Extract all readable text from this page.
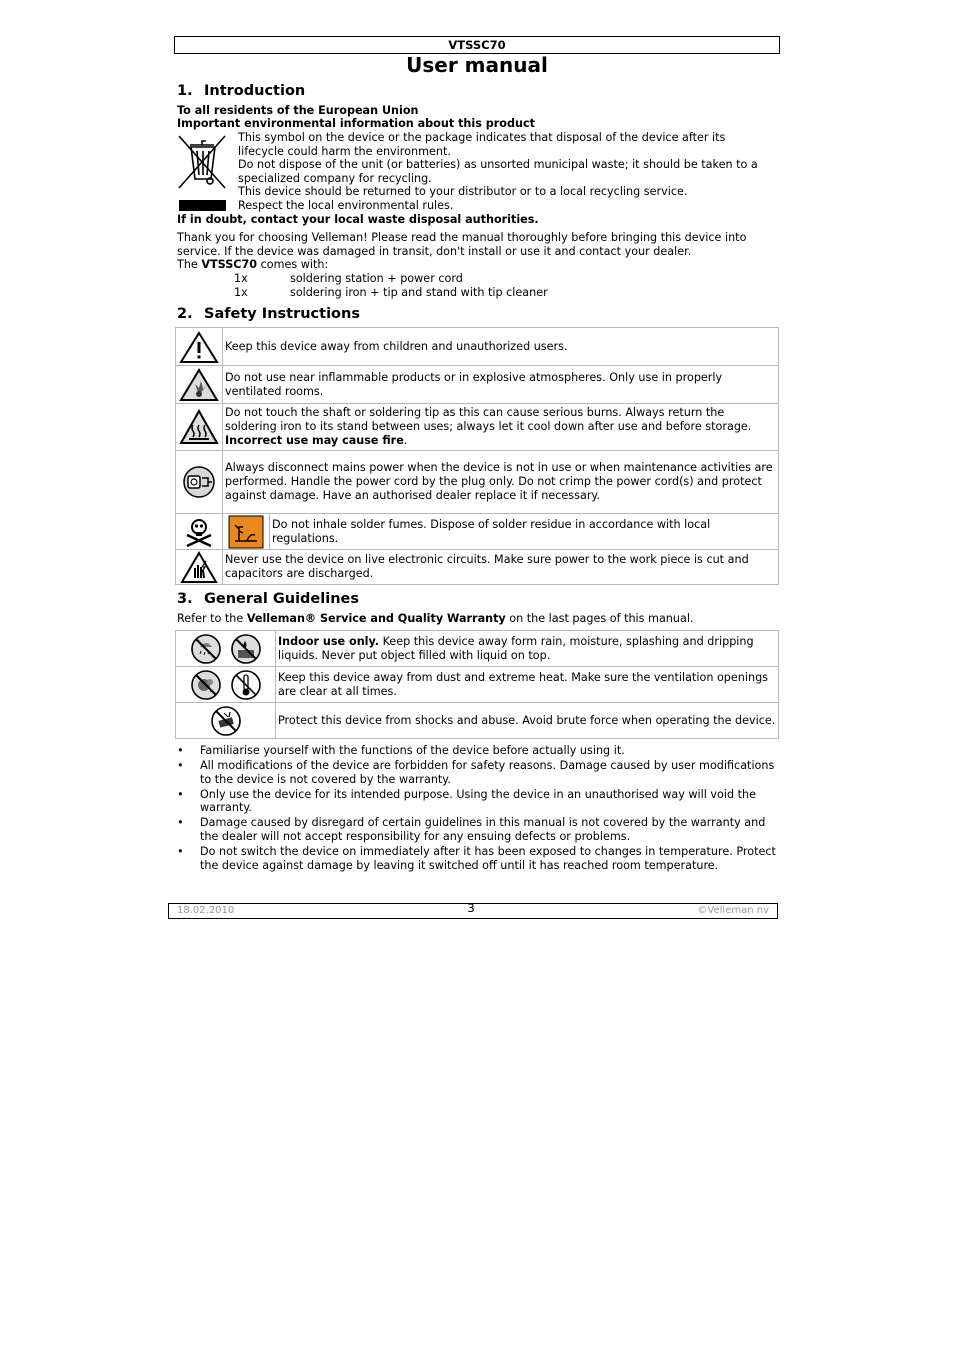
VTSSC70
User manual
1. Introduction
To all residents of the European Union
Important environmental information about this product
This symbol on the device or the package indicates that disposal of the device after its
lifecycle could harm the environment.
Do not dispose of the unit (or batteries) as unsorted municipal waste; it should be taken to a
specialized company for recycling.
This device should be returned to your distributor or to a local recycling service.
Respect the local environmental rules.
If in doubt, contact your local waste disposal authorities.
Thank you for choosing Velleman! Please read the manual thoroughly before bringing this device into
service. If the device was damaged in transit, don't install or use it and contact your dealer.
The VTSSC70 comes with:
1x	soldering station + power cord
1x	soldering iron + tip and stand with tip cleaner
2. Safety Instructions
	Keep this device away from children and unauthorized users.	

	Do not use near inflammable products or in explosive atmospheres. Only use in properly ventilated rooms.	

	Do not touch the shaft or soldering tip as this can cause serious burns. Always return the soldering iron to its stand between uses; always let it cool down after use and before storage. Incorrect use may cause fire.	

	Always disconnect mains power when the device is not in use or when maintenance activities are performed. Handle the power cord by the plug only. Do not crimp the power cord(s) and protect against damage. Have an authorised dealer replace it if necessary.	

	Do not inhale solder fumes. Dispose of solder residue in accordance with local regulations.

	Never use the device on live electronic circuits. Make sure power to the work piece is cut and capacitors are discharged.	
3. General Guidelines
Refer to the Velleman® Service and Quality Warranty on the last pages of this manual.
	Indoor use only. Keep this device away form rain, moisture, splashing and dripping liquids. Never put object filled with liquid on top.

	Keep this device away from dust and extreme heat. Make sure the ventilation openings are clear at all times.

	Protect this device from shocks and abuse. Avoid brute force when operating the device.
• Familiarise yourself with the functions of the device before actually using it.
• All modifications of the device are forbidden for safety reasons. Damage caused by user modifications to the device is not covered by the warranty.
• Only use the device for its intended purpose. Using the device in an unauthorised way will void the warranty.
• Damage caused by disregard of certain guidelines in this manual is not covered by the warranty and the dealer will not accept responsibility for any ensuing defects or problems.
• Do not switch the device on immediately after it has been exposed to changes in temperature. Protect the device against damage by leaving it switched off until it has reached room temperature.
18.02.2010	3	©Velleman nv
